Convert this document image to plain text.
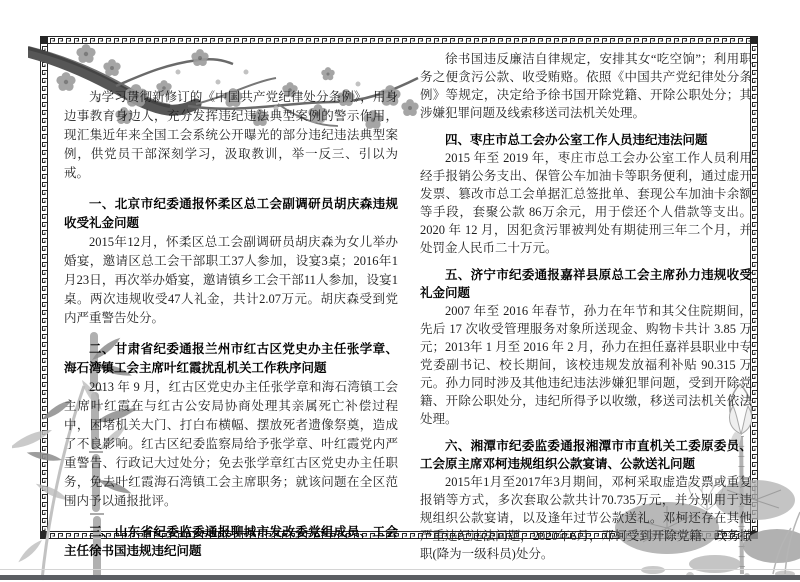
为学习贯彻新修订的《中国共产党纪律处分条例》，用身边事教育身边人，充分发挥违纪违法典型案例的警示作用，现汇集近年来全国工会系统公开曝光的部分违纪违法典型案例，供党员干部深刻学习，汲取教训，举一反三、引以为戒。

一、北京市纪委通报怀柔区总工会副调研员胡庆森违规收受礼金问题

2015年12月，怀柔区总工会副调研员胡庆森为女儿举办婚宴，邀请区总工会干部职工37人参加，设宴3桌；2016年1月23日，再次举办婚宴，邀请镇乡工会干部11人参加，设宴1桌。两次违规收受47人礼金，共计2.07万元。胡庆森受到党内严重警告处分。

二、甘肃省纪委通报兰州市红古区党史办主任张学章、海石湾镇工会主席叶红霞扰乱机关工作秩序问题

2013 年 9 月，红古区党史办主任张学章和海石湾镇工会主席叶红霞在与红古公安局协商处理其亲属死亡补偿过程中，困堵机关大门、打白布横幅、摆放死者遗像祭奠，造成了不良影响。红古区纪委监察局给予张学章、叶红霞党内严重警告、行政记大过处分；免去张学章红古区党史办主任职务，免去叶红霞海石湾镇工会主席职务；就该问题在全区范围内予以通报批评。

三、山东省纪委监委通报聊城市发改委党组成员、工会主任徐书国违规违纪问题

徐书国违反廉洁自律规定，安排其女“吃空饷”；利用职务之便贪污公款、收受贿赂。依照《中国共产党纪律处分条例》等规定，决定给予徐书国开除党籍、开除公职处分；其涉嫌犯罪问题及线索移送司法机关处理。

四、枣庄市总工会办公室工作人员违纪违法问题

2015 年至 2019 年，枣庄市总工会办公室工作人员利用经手报销公务支出、保管公车加油卡等职务便利，通过虚开发票、篡改市总工会单据汇总签批单、套现公车加油卡余额等手段，套聚公款 86万余元，用于偿还个人借款等支出。2020 年 12 月，因犯贪污罪被判处有期徒刑三年二个月，并处罚金人民币二十万元。

五、济宁市纪委通报嘉祥县原总工会主席孙力违规收受礼金问题

2007 年至 2016 年春节，孙力在年节和其父住院期间，先后 17 次收受管理服务对象所送现金、购物卡共计 3.85 万元；2013年 1 月至 2016 年 2 月，孙力在担任嘉祥县职业中专党委副书记、校长期间，该校违规发放福利补贴 90.315 万元。孙力同时涉及其他违纪违法涉嫌犯罪问题，受到开除党籍、开除公职处分，违纪所得予以收缴，移送司法机关依法处理。

六、湘潭市纪委监委通报湘潭市市直机关工委原委员、工会原主席邓柯违规组织公款宴请、公款送礼问题

2015年1月至2017年3月期间，邓柯采取虚造发票或重复报销等方式，多次套取公款共计70.735万元，并分别用于违规组织公款宴请，以及逢年过节公款送礼。邓柯还存在其他严重违纪违法问题，2020年6月，邓柯受到开除党籍、政务撤职(降为一级科员)处分。
